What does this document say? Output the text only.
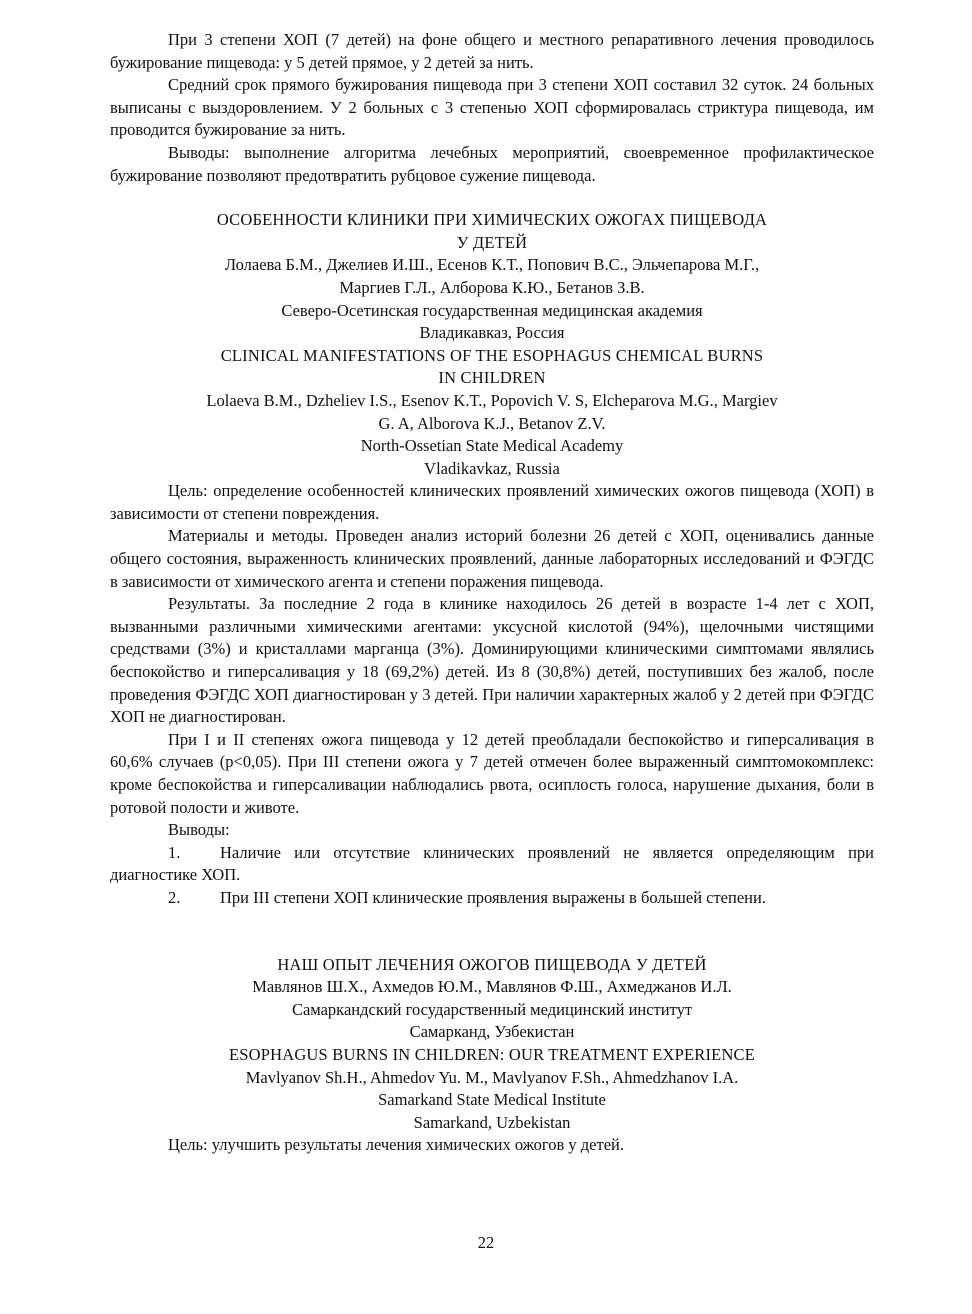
При 3 степени ХОП (7 детей) на фоне общего и местного репаративного лечения проводилось бужирование пищевода: у 5 детей прямое, у 2 детей за нить.

Средний срок прямого бужирования пищевода при 3 степени ХОП составил 32 суток. 24 больных выписаны с выздоровлением. У 2 больных с 3 степенью ХОП сформировалась стриктура пищевода, им проводится бужирование за нить.

Выводы: выполнение алгоритма лечебных мероприятий, своевременное профилактическое бужирование позволяют предотвратить рубцовое сужение пищевода.

ОСОБЕННОСТИ КЛИНИКИ ПРИ ХИМИЧЕСКИХ ОЖОГАХ ПИЩЕВОДА

У ДЕТЕЙ

Лолаева Б.М., Джелиев И.Ш., Есенов К.Т., Попович В.С., Эльчепарова М.Г.,

Маргиев Г.Л., Алборова К.Ю., Бетанов З.В.

Северо-Осетинская государственная медицинская академия

Владикавказ, Россия

CLINICAL MANIFESTATIONS OF THE ESOPHAGUS CHEMICAL BURNS

IN CHILDREN

Lolaeva B.M., Dzheliev I.S., Esenov K.T., Popovich V. S, Elcheparova M.G., Margiev

G. A, Alborova K.J., Betanov Z.V.

North-Ossetian State Medical Academy

Vladikavkaz, Russia

Цель: определение особенностей клинических проявлений химических ожогов пищевода (ХОП) в зависимости от степени повреждения.

Материалы и методы. Проведен анализ историй болезни 26 детей с ХОП, оценивались данные общего состояния, выраженность клинических проявлений, данные лабораторных исследований и ФЭГДС в зависимости от химического агента и степени поражения пищевода.

Результаты. За последние 2 года в клинике находилось 26 детей в возрасте 1-4 лет с ХОП, вызванными различными химическими агентами: уксусной кислотой (94%), щелочными чистящими средствами (3%) и кристаллами марганца (3%). Доминирующими клиническими симптомами являлись беспокойство и гиперсаливация у 18 (69,2%) детей. Из 8 (30,8%) детей, поступивших без жалоб, после проведения ФЭГДС ХОП диагностирован у 3 детей. При наличии характерных жалоб у 2 детей при ФЭГДС ХОП не диагностирован.

При I и II степенях ожога пищевода у 12 детей преобладали беспокойство и гиперсаливация в 60,6% случаев (p<0,05). При III степени ожога у 7 детей отмечен более выраженный симптомокомплекс: кроме беспокойства и гиперсаливации наблюдались рвота, осиплость голоса, нарушение дыхания, боли в ротовой полости и животе.

Выводы:

1. Наличие или отсутствие клинических проявлений не является определяющим при диагностике ХОП.

2. При III степени ХОП клинические проявления выражены в большей степени.

НАШ ОПЫТ ЛЕЧЕНИЯ ОЖОГОВ ПИЩЕВОДА У ДЕТЕЙ

Мавлянов Ш.Х., Ахмедов Ю.М., Мавлянов Ф.Ш., Ахмеджанов И.Л.

Самаркандский государственный медицинский институт

Самарканд, Узбекистан

ESOPHAGUS BURNS IN CHILDREN: OUR TREATMENT EXPERIENCE

Mavlyanov Sh.H., Ahmedov Yu. M., Mavlyanov F.Sh., Ahmedzhanov I.A.

Samarkand State Medical Institute

Samarkand, Uzbekistan

Цель: улучшить результаты лечения химических ожогов у детей.

22
